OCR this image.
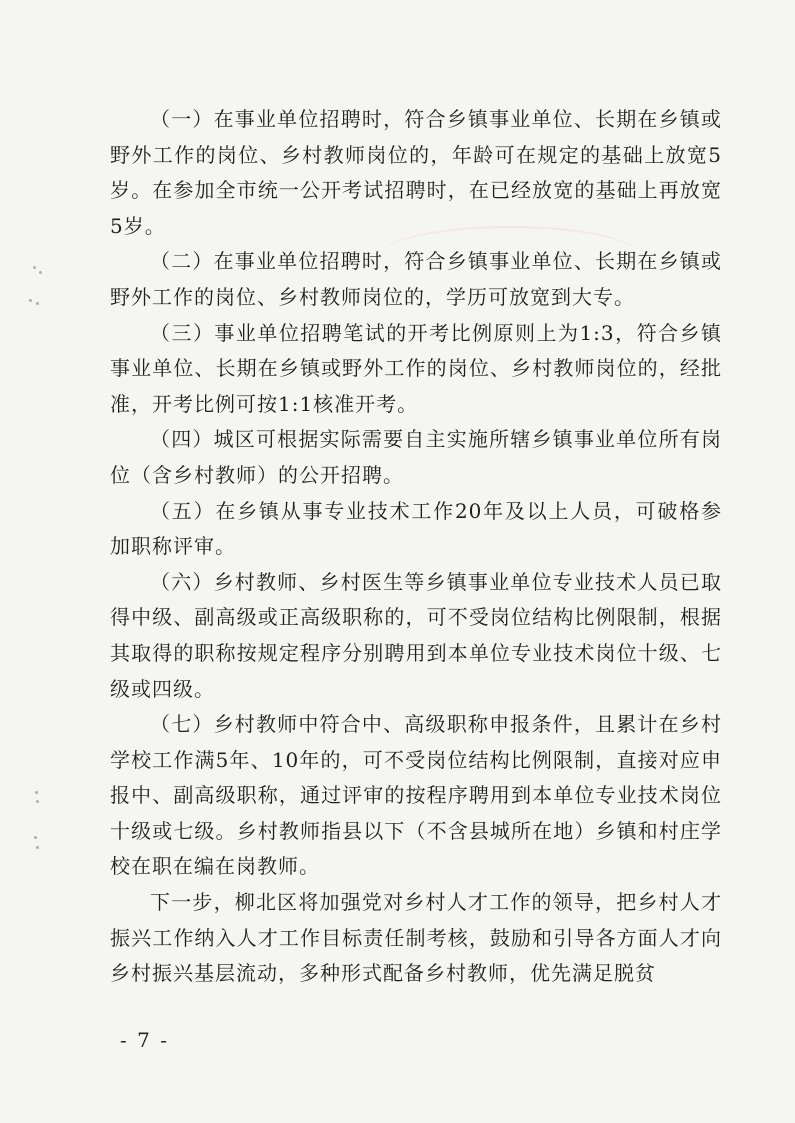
（一）在事业单位招聘时，符合乡镇事业单位、长期在乡镇或野外工作的岗位、乡村教师岗位的，年龄可在规定的基础上放宽5岁。在参加全市统一公开考试招聘时，在已经放宽的基础上再放宽5岁。

（二）在事业单位招聘时，符合乡镇事业单位、长期在乡镇或野外工作的岗位、乡村教师岗位的，学历可放宽到大专。

（三）事业单位招聘笔试的开考比例原则上为1:3，符合乡镇事业单位、长期在乡镇或野外工作的岗位、乡村教师岗位的，经批准，开考比例可按1:1核准开考。

（四）城区可根据实际需要自主实施所辖乡镇事业单位所有岗位（含乡村教师）的公开招聘。

（五）在乡镇从事专业技术工作20年及以上人员，可破格参加职称评审。

（六）乡村教师、乡村医生等乡镇事业单位专业技术人员已取得中级、副高级或正高级职称的，可不受岗位结构比例限制，根据其取得的职称按规定程序分别聘用到本单位专业技术岗位十级、七级或四级。

（七）乡村教师中符合中、高级职称申报条件，且累计在乡村学校工作满5年、10年的，可不受岗位结构比例限制，直接对应申报中、副高级职称，通过评审的按程序聘用到本单位专业技术岗位十级或七级。乡村教师指县以下（不含县城所在地）乡镇和村庄学校在职在编在岗教师。

下一步，柳北区将加强党对乡村人才工作的领导，把乡村人才振兴工作纳入人才工作目标责任制考核，鼓励和引导各方面人才向乡村振兴基层流动，多种形式配备乡村教师，优先满足脱贫

- 7 -
